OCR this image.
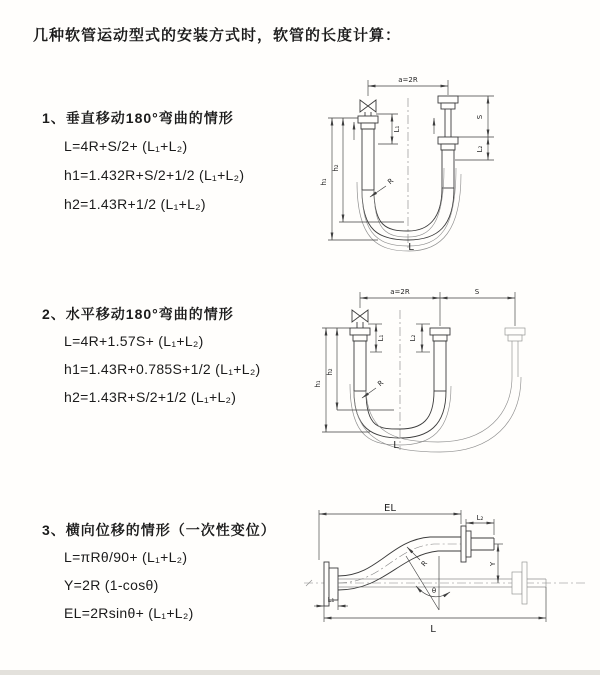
几种软管运动型式的安装方式时，软管的长度计算：
1、垂直移动180°弯曲的情形
L=4R+S/2+ (L₁+L₂)
h1=1.432R+S/2+1/2 (L₁+L₂)
h2=1.43R+1/2 (L₁+L₂)
2、水平移动180°弯曲的情形
L=4R+1.57S+ (L₁+L₂)
h1=1.43R+0.785S+1/2 (L₁+L₂)
h2=1.43R+S/2+1/2 (L₁+L₂)
3、横向位移的情形（一次性变位）
L=πRθ/90+ (L₁+L₂)
Y=2R (1-cosθ)
EL=2Rsinθ+ (L₁+L₂)
a=2R
L₁
S
L₂
L
h₂
h₁	R
a=2R	S
L₁	L₂
L
h₂
h₁	R
EL
L₂
Y
L
L₁
R
θ
